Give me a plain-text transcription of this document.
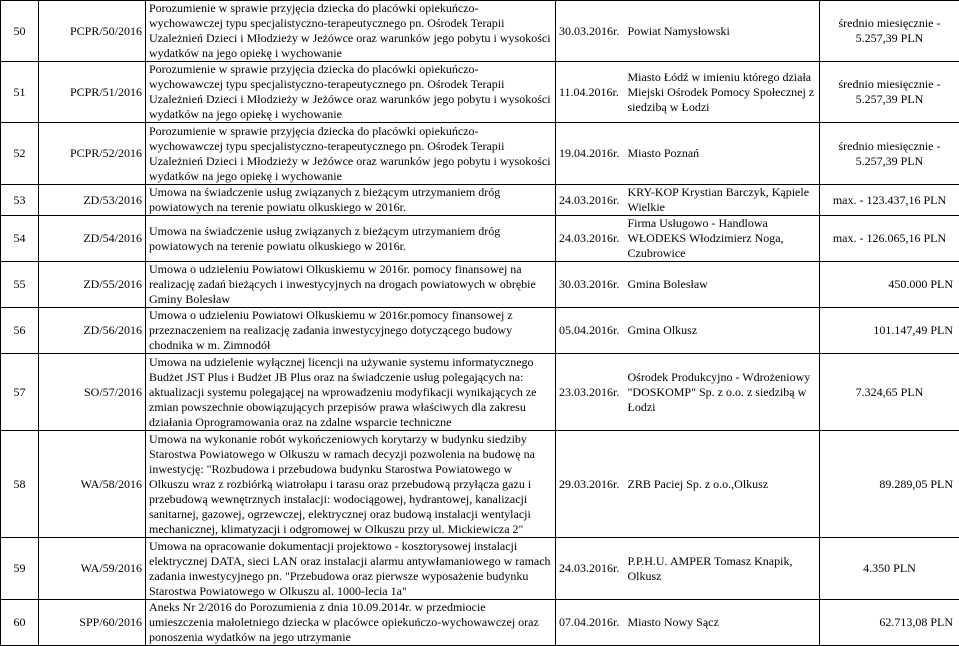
50	PCPR/50/2016	Porozumienie w sprawie przyjęcia dziecka do placówki opiekuńczo-wychowawczej typu specjalistyczno-terapeutycznego pn. Ośrodek Terapii Uzależnień Dzieci i Młodzieży w Jeżówce oraz warunków jego pobytu i wysokości wydatków na jego opiekę i wychowanie	30.03.2016r.	Powiat Namysłowski	średnio miesięcznie - 5.257,39 PLN
51	PCPR/51/2016	Porozumienie w sprawie przyjęcia dziecka do placówki opiekuńczo-wychowawczej typu specjalistyczno-terapeutycznego pn. Ośrodek Terapii Uzależnień Dzieci i Młodzieży w Jeżówce oraz warunków jego pobytu i wysokości wydatków na jego opiekę i wychowanie	11.04.2016r.	Miasto Łódź w imieniu którego działa Miejski Ośrodek Pomocy Społecznej z siedzibą w Łodzi	średnio miesięcznie - 5.257,39 PLN
52	PCPR/52/2016	Porozumienie w sprawie przyjęcia dziecka do placówki opiekuńczo-wychowawczej typu specjalistyczno-terapeutycznego pn. Ośrodek Terapii Uzależnień Dzieci i Młodzieży w Jeżówce oraz warunków jego pobytu i wysokości wydatków na jego opiekę i wychowanie	19.04.2016r.	Miasto Poznań	średnio miesięcznie - 5.257,39 PLN
53	ZD/53/2016	Umowa na świadczenie usług związanych z bieżącym utrzymaniem dróg powiatowych na terenie powiatu olkuskiego w 2016r.	24.03.2016r.	KRY-KOP Krystian Barczyk, Kąpiele Wielkie	max. - 123.437,16 PLN
54	ZD/54/2016	Umowa na świadczenie usług związanych z bieżącym utrzymaniem dróg powiatowych na terenie powiatu olkuskiego w 2016r.	24.03.2016r.	Firma Usługowo - Handlowa WŁODEKS Włodzimierz Noga, Czubrowice	max. - 126.065,16 PLN
55	ZD/55/2016	Umowa o udzieleniu Powiatowi Olkuskiemu w 2016r. pomocy finansowej na realizację zadań bieżących i inwestycyjnych na drogach powiatowych w obrębie Gminy Bolesław	30.03.2016r.	Gmina Bolesław	450.000 PLN
56	ZD/56/2016	Umowa o udzieleniu Powiatowi Olkuskiemu w 2016r.pomocy finansowej z przeznaczeniem na realizację zadania inwestycyjnego dotyczącego budowy chodnika w m. Zimnodół	05.04.2016r.	Gmina Olkusz	101.147,49 PLN
57	SO/57/2016	Umowa na udzielenie wyłącznej licencji na używanie systemu informatycznego Budżet JST Plus i Budżet JB Plus oraz na świadczenie usług polegających na: aktualizacji systemu polegającej na wprowadzeniu modyfikacji wynikających ze zmian powszechnie obowiązujących przepisów prawa właściwych dla zakresu działania Oprogramowania oraz na zdalne wsparcie techniczne	23.03.2016r.	Ośrodek Produkcyjno - Wdrożeniowy "DOSKOMP" Sp. z o.o. z siedzibą w Łodzi	7.324,65 PLN
58	WA/58/2016	Umowa na wykonanie robót wykończeniowych korytarzy w budynku siedziby Starostwa Powiatowego w Olkuszu w ramach decyzji pozwolenia na budowę na inwestycję: "Rozbudowa i przebudowa budynku Starostwa Powiatowego w Olkuszu wraz z rozbiórką wiatrołapu i tarasu oraz przebudową przyłącza gazu i przebudową wewnętrznych instalacji: wodociągowej, hydrantowej, kanalizacji sanitarnej, gazowej, ogrzewczej, elektrycznej oraz budową instalacji wentylacji mechanicznej, klimatyzacji i odgromowej w Olkuszu przy ul. Mickiewicza 2"	29.03.2016r.	ZRB Paciej Sp. z o.o.,Olkusz	89.289,05 PLN
59	WA/59/2016	Umowa na opracowanie dokumentacji projektowo - kosztorysowej instalacji elektrycznej DATA, sieci LAN oraz instalacji alarmu antywłamaniowego w ramach zadania inwestycyjnego pn. "Przebudowa oraz pierwsze wyposażenie budynku Starostwa Powiatowego w Olkuszu al. 1000-lecia 1a"	24.03.2016r.	P.P.H.U. AMPER Tomasz Knapik, Olkusz	4.350 PLN
60	SPP/60/2016	Aneks Nr 2/2016 do Porozumienia z dnia 10.09.2014r. w przedmiocie umieszczenia małoletniego dziecka w placówce opiekuńczo-wychowawczej oraz ponoszenia wydatków na jego utrzymanie	07.04.2016r.	Miasto Nowy Sącz	62.713,08 PLN
